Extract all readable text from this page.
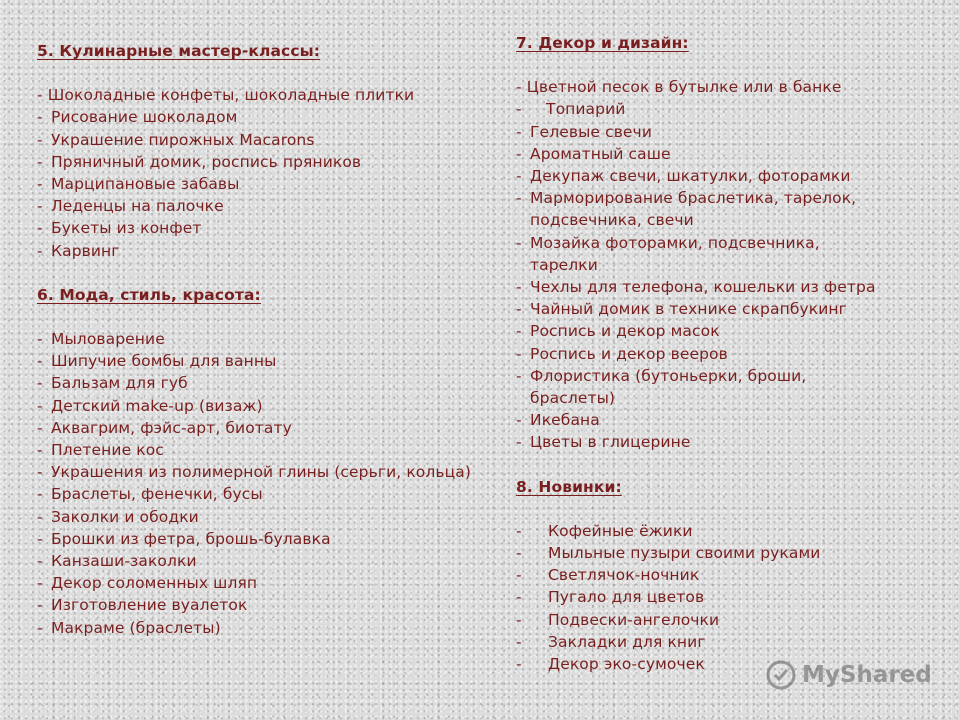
5. Кулинарные мастер-классы:

- Шоколадные конфеты, шоколадные плитки
- Рисование шоколадом
- Украшение пирожных Macarons
- Пряничный домик, роспись пряников
- Марципановые забавы
- Леденцы на палочке
- Букеты из конфет
- Карвинг

6. Мода, стиль, красота:

- Мыловарение
- Шипучие бомбы для ванны
- Бальзам для губ
- Детский make-up (визаж)
- Аквагрим, фэйс-арт, биотату
- Плетение кос
- Украшения из полимерной глины (серьги, кольца)
- Браслеты, фенечки, бусы
- Заколки и ободки
- Брошки из фетра, брошь-булавка
- Канзаши-заколки
- Декор соломенных шляп
- Изготовление вуалеток
- Макраме (браслеты)

7. Декор и дизайн:

- Цветной песок в бутылке или в банке
- Топиарий
- Гелевые свечи
- Ароматный саше
- Декупаж свечи, шкатулки, фоторамки
- Марморирование браслетика, тарелок, подсвечника, свечи
- Мозайка фоторамки, подсвечника, тарелки
- Чехлы для телефона, кошельки из фетра
- Чайный домик в технике скрапбукинг
- Роспись и декор масок
- Роспись и декор вееров
- Флористика (бутоньерки, броши, браслеты)
- Икебана
- Цветы в глицерине

8. Новинки:

- Кофейные ёжики
- Мыльные пузыри своими руками
- Светлячок-ночник
- Пугало для цветов
- Подвески-ангелочки
- Закладки для книг
- Декор эко-сумочек	MyShared
